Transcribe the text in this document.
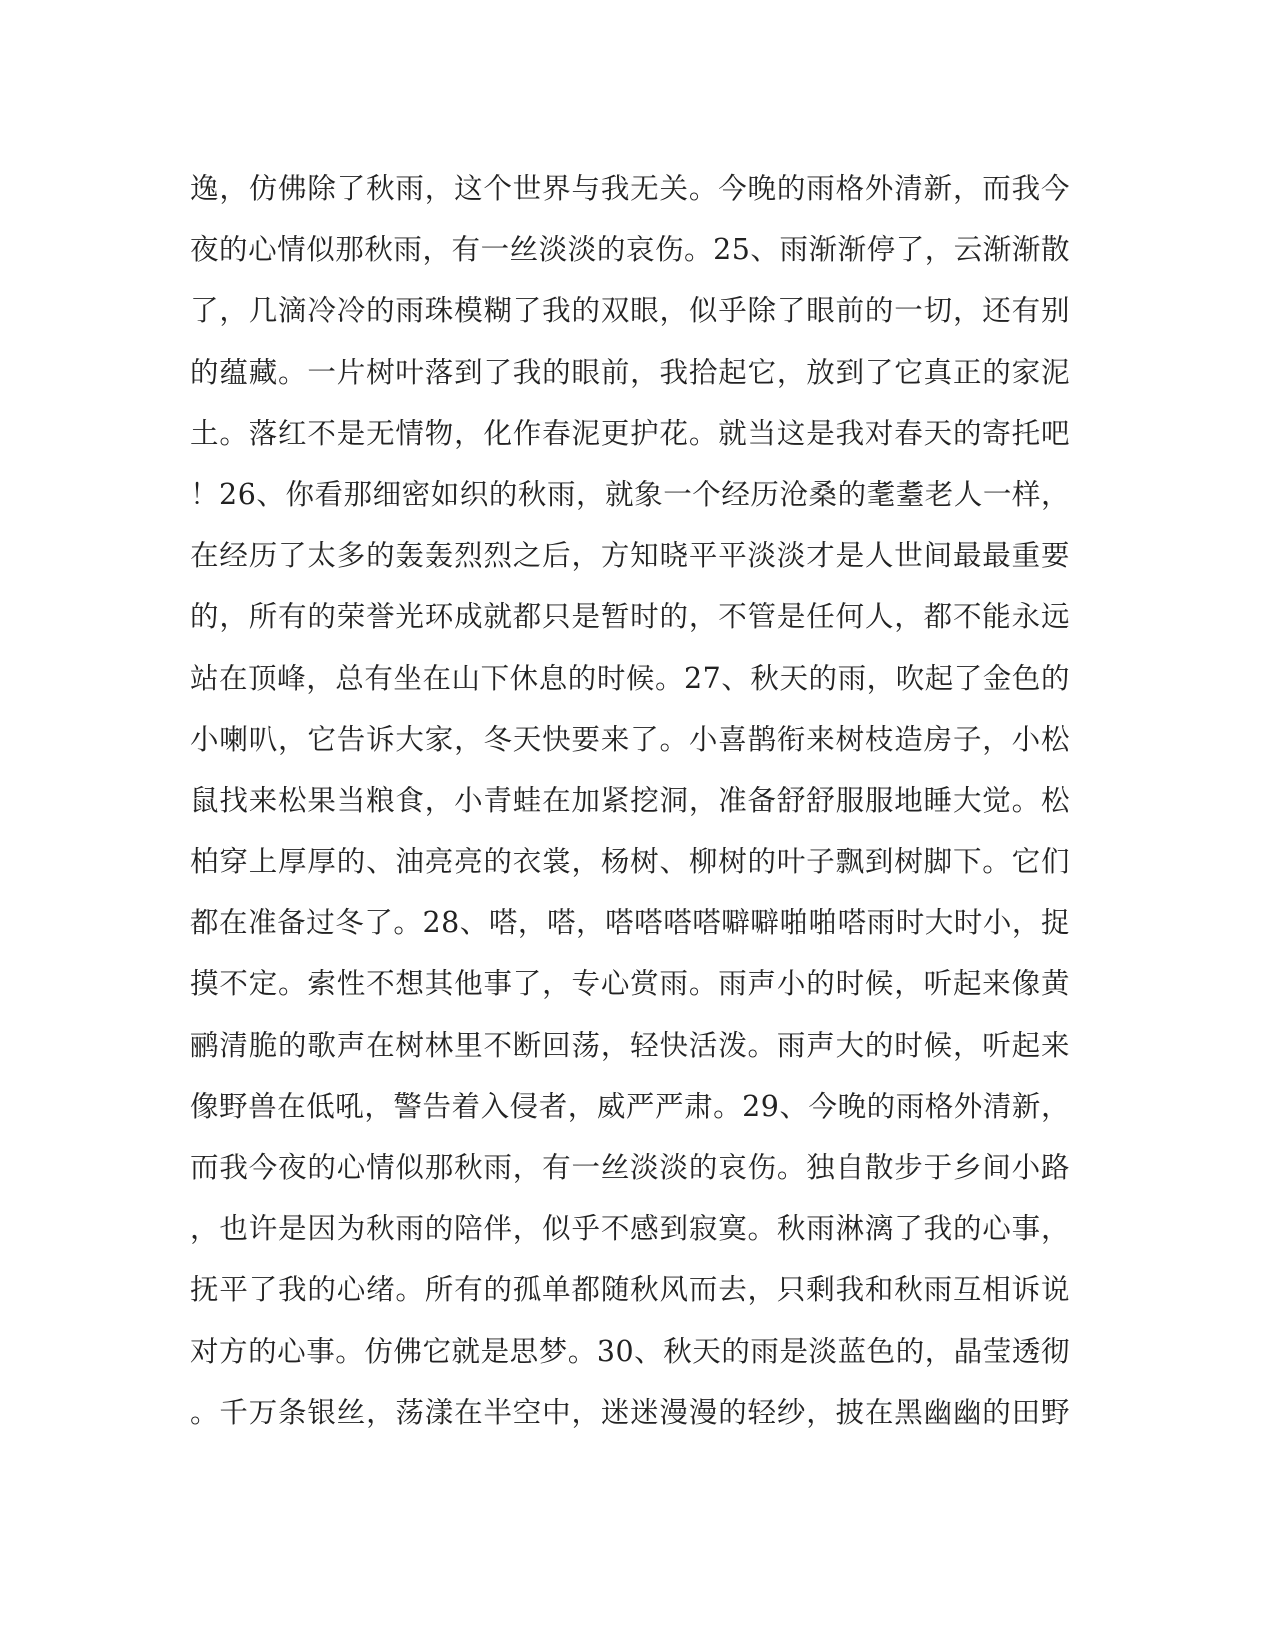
逸，仿佛除了秋雨，这个世界与我无关。今晚的雨格外清新，而我今
夜的心情似那秋雨，有一丝淡淡的哀伤。25、雨渐渐停了，云渐渐散
了，几滴冷冷的雨珠模糊了我的双眼，似乎除了眼前的一切，还有别
的蕴藏。一片树叶落到了我的眼前，我拾起它，放到了它真正的家泥
土。落红不是无情物，化作春泥更护花。就当这是我对春天的寄托吧
！26、你看那细密如织的秋雨，就象一个经历沧桑的耄耋老人一样，
在经历了太多的轰轰烈烈之后，方知晓平平淡淡才是人世间最最重要
的，所有的荣誉光环成就都只是暂时的，不管是任何人，都不能永远
站在顶峰，总有坐在山下休息的时候。27、秋天的雨，吹起了金色的
小喇叭，它告诉大家，冬天快要来了。小喜鹊衔来树枝造房子，小松
鼠找来松果当粮食，小青蛙在加紧挖洞，准备舒舒服服地睡大觉。松
柏穿上厚厚的、油亮亮的衣裳，杨树、柳树的叶子飘到树脚下。它们
都在准备过冬了。28、嗒，嗒，嗒嗒嗒嗒噼噼啪啪嗒雨时大时小，捉
摸不定。索性不想其他事了，专心赏雨。雨声小的时候，听起来像黄
鹂清脆的歌声在树林里不断回荡，轻快活泼。雨声大的时候，听起来
像野兽在低吼，警告着入侵者，威严严肃。29、今晚的雨格外清新，
而我今夜的心情似那秋雨，有一丝淡淡的哀伤。独自散步于乡间小路
，也许是因为秋雨的陪伴，似乎不感到寂寞。秋雨淋漓了我的心事，
抚平了我的心绪。所有的孤单都随秋风而去，只剩我和秋雨互相诉说
对方的心事。仿佛它就是思梦。30、秋天的雨是淡蓝色的，晶莹透彻
。千万条银丝，荡漾在半空中，迷迷漫漫的轻纱，披在黑幽幽的田野
